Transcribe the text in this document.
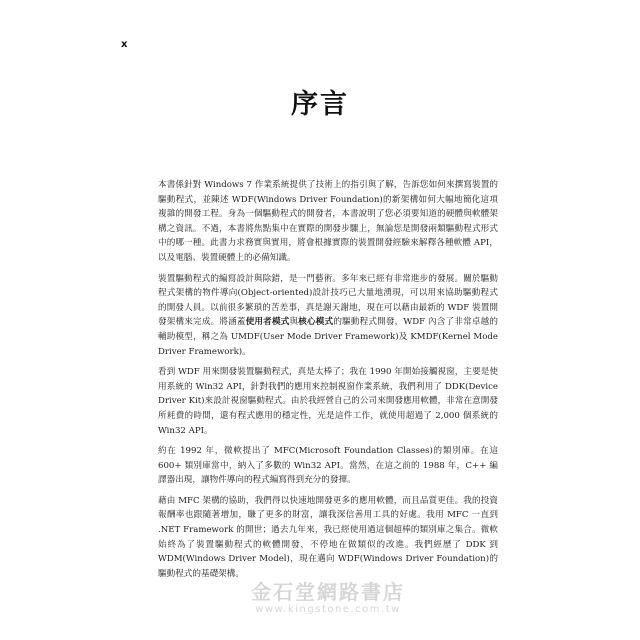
x
序言

本書係針對 Windows 7 作業系統提供了技術上的指引與了解，告訴您如何來撰寫裝置的驅動程式，並陳述 WDF(Windows Driver Foundation)的新架構如何大幅地簡化這項複雜的開發工程。身為一個驅動程式的開發者，本書說明了您必須要知道的硬體與軟體架構之資訊。不過，本書將焦點集中在實際的開發步驟上，無論您是開發兩類驅動程式形式中的哪一種。此書力求務實與實用，將會根據實際的裝置開發經驗來解釋各種軟體 API，以及電腦、裝置硬體上的必備知識。

裝置驅動程式的編寫設計與除錯，是一門藝術。多年來已經有非常進步的發展。關於驅動程式架構的物件導向(Object-oriented)設計技巧已大量地湧現，可以用來協助驅動程式的開發人員。以前很多繁瑣的苦差事，真是謝天謝地，現在可以藉由最新的 WDF 裝置開發架構來完成。將涵蓋使用者模式與核心模式的驅動程式開發，WDF 內含了非常卓越的輔助模型，稱之為 UMDF(User Mode Driver Framework)及 KMDF(Kernel Mode Driver Framework)。

看到 WDF 用來開發裝置驅動程式，真是太棒了；我在 1990 年開始接觸視窗，主要是使用系統的 Win32 API，針對我們的應用來控制視窗作業系統，我們利用了 DDK(Device Driver Kit)來設計視窗驅動程式。由於我經營自己的公司來開發應用軟體，非常在意開發所耗費的時間，還有程式應用的穩定性，光是這件工作，就使用超過了 2,000 個系統的 Win32 API。

約在 1992 年，微軟提出了 MFC(Microsoft Foundation Classes)的類別庫。在這 600+ 類別庫當中，納入了多數的 Win32 API。當然，在這之前的 1988 年，C++ 編譯器出現，讓物件導向的程式編寫得到充分的發揮。

藉由 MFC 架構的協助，我們得以快速地開發更多的應用軟體，而且品質更佳。我的投資報酬率也跟隨著增加，賺了更多的財富，讓我深信善用工具的好處。我用 MFC 一直到 .NET Framework 的開世；過去九年來，我已經使用過這個超棒的類別庫之集合。微軟始終為了裝置驅動程式的軟體開發，不停地在做類似的改進。我們經歷了 DDK 到 WDM(Windows Driver Model)，現在邁向 WDF(Windows Driver Foundation)的驅動程式的基礎架構。

金石堂網路書店
www.kingstone.com.tw
